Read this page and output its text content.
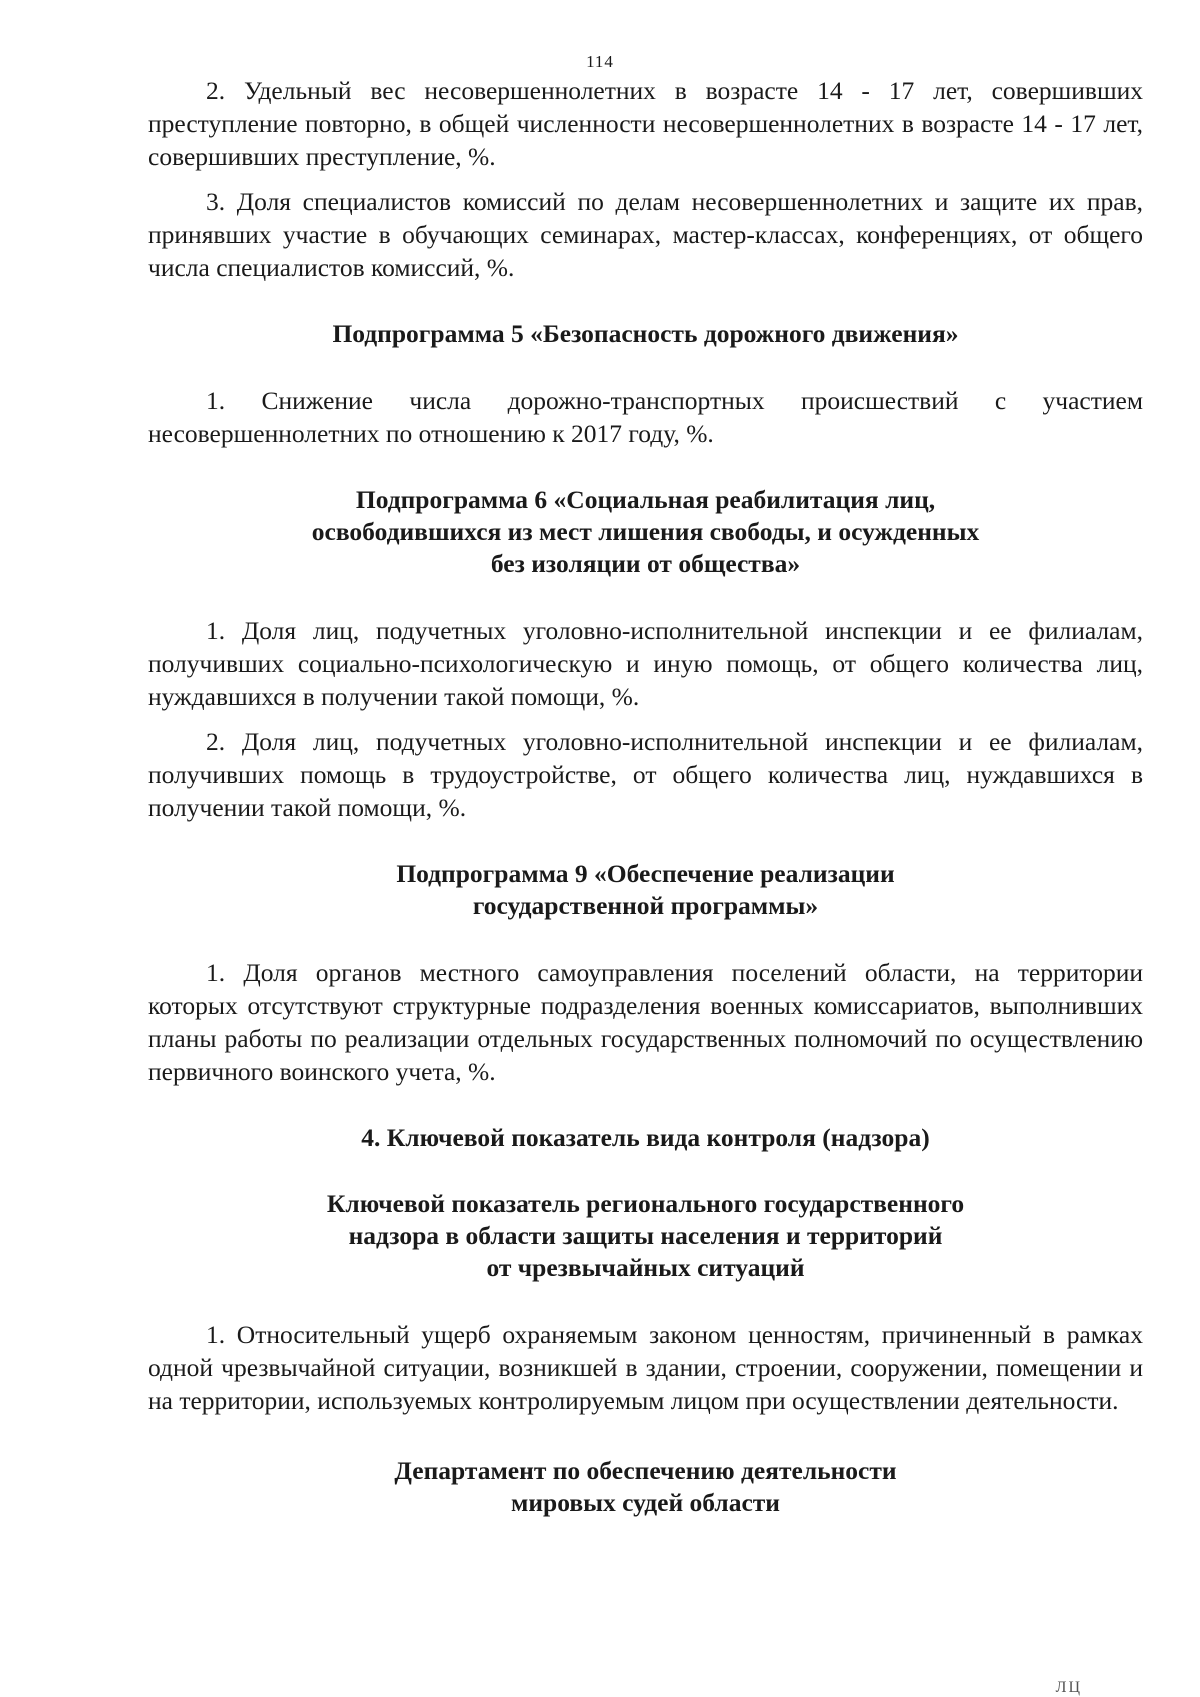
114

2. Удельный вес несовершеннолетних в возрасте 14 - 17 лет, совершивших преступление повторно, в общей численности несовершеннолетних в возрасте 14 - 17 лет, совершивших преступление, %.

3. Доля специалистов комиссий по делам несовершеннолетних и защите их прав, принявших участие в обучающих семинарах, мастер-классах, конференциях, от общего числа специалистов комиссий, %.

Подпрограмма 5 «Безопасность дорожного движения»

1. Снижение числа дорожно-транспортных происшествий с участием несовершеннолетних по отношению к 2017 году, %.

Подпрограмма 6 «Социальная реабилитация лиц,
освободившихся из мест лишения свободы, и осужденных
без изоляции от общества»

1. Доля лиц, подучетных уголовно-исполнительной инспекции и ее филиалам, получивших социально-психологическую и иную помощь, от общего количества лиц, нуждавшихся в получении такой помощи, %.

2. Доля лиц, подучетных уголовно-исполнительной инспекции и ее филиалам, получивших помощь в трудоустройстве, от общего количества лиц, нуждавшихся в получении такой помощи, %.

Подпрограмма 9 «Обеспечение реализации
государственной программы»

1. Доля органов местного самоуправления поселений области, на территории которых отсутствуют структурные подразделения военных комиссариатов, выполнивших планы работы по реализации отдельных государственных полномочий по осуществлению первичного воинского учета, %.

4. Ключевой показатель вида контроля (надзора)
Ключевой показатель регионального государственного
надзора в области защиты населения и территорий
от чрезвычайных ситуаций

1. Относительный ущерб охраняемым законом ценностям, причиненный в рамках одной чрезвычайной ситуации, возникшей в здании, строении, сооружении, помещении и на территории, используемых контролируемым лицом при осуществлении деятельности.

Департамент по обеспечению деятельности
мировых судей области
ЛЦ
